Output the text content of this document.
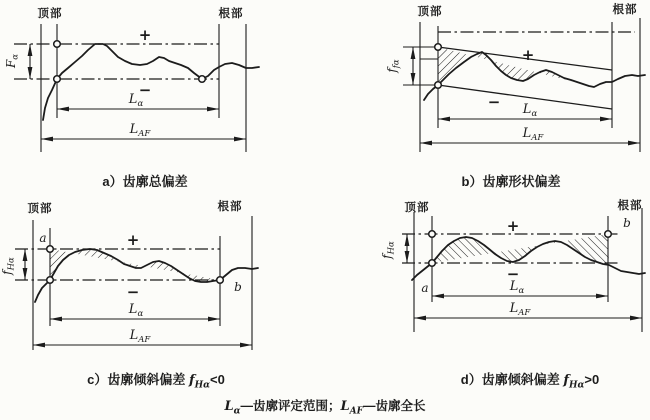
顶部	根部
+
−
$F_\alpha$
$L_\alpha$
$L_{AF}$
顶部	根部
+
−
$f_{f\alpha}$
$L_\alpha$
$L_{AF}$
顶部	根部
a
b
+
−
$f_{H\alpha}$
$L_\alpha$
$L_{AF}$
顶部	根部
b
a
+
−
$f_{H\alpha}$
$L_\alpha$
$L_{AF}$
a）齿廓总偏差	b）齿廓形状偏差
c）齿廓倾斜偏差 $f_{H\alpha}<0$	d）齿廓倾斜偏差 $f_{H\alpha}>0$
$L_\alpha—$齿廓评定范围；$L_{AF}—$齿廓全长
